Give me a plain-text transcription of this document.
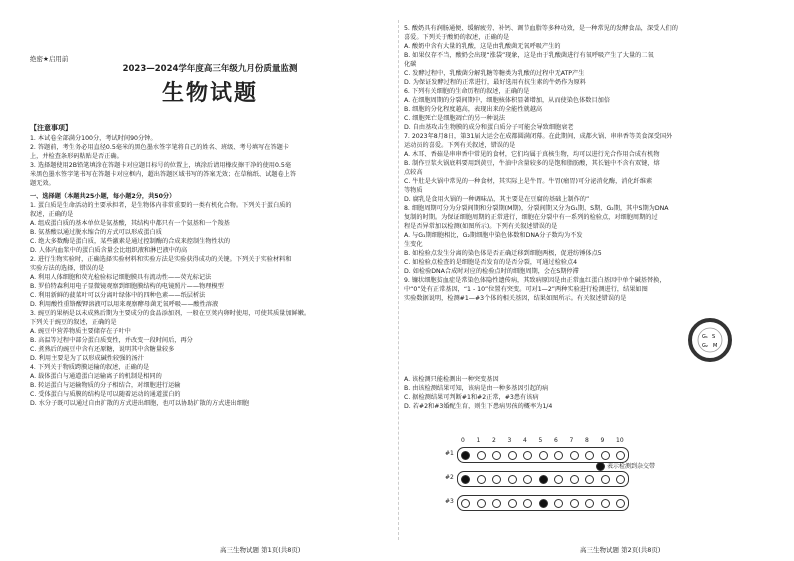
绝密★启用前
2023—2024学年度高三年级九月份质量监测
生物试题
【注意事项】
1. 本试卷全部满分100分，考试时间90分钟。
2. 答题前，考生务必用直径0.5毫米的黑色墨水签字笔将自己的姓名、班级、考号填写在答题卡
上，并检查条形码粘贴是否正确。
3. 选择题使用2B铅笔填涂在答题卡对应题目标号的位置上，填涂后请用橡皮擦干净的使用0.5毫
米黑色墨水签字笔书写在答题卡对应框内，超出答题区域书写的答案无效；在草稿纸、试题卷上答
题无效。
一、选择题（本题共25小题，每小题2分，共50分）
1. 蛋白质是生命活动的主要承担者，是生物体内非常重要的一类有机化合物。下列关于蛋白质的
叙述，正确的是
A. 组成蛋白质的基本单位是氨基酸，其结构中都只有一个氨基和一个羧基
B. 氨基酸以通过脱水缩合的方式可以形成蛋白质
C. 绝大多数酶是蛋白质，某些激素是通过控制酶的合成来控制生物性状的
D. 人体内血浆中的蛋白质含量会比组织液和淋巴液中的高
2. 进行生物实验时，正确选择实验材料和实验方法是实验获得成功的关键。下列关于实验材料和
实验方法的选择，错误的是
A. 利用人体细胞和荧光检验标记细胞膜具有流动性——荧光标记法
B. 罗伯特森利用电子显微镜观察到细胞膜结构的电镜照片——物理模型
C. 利用新鲜的菠菜叶可以分离叶绿体中的四种色素——纸层析法
D. 利用酸性重铬酸钾溶液可以用来观察酵母菌无氧呼吸——酸性溶液
3. 豌豆的果柄是以未成熟后期为主要成分的食品添加剂，一般在豆荚内卵时使用，可使其质量加鲜嫩。
下列关于豌豆的叙述，正确的是
A. 豌豆中营养物质主要储存在子叶中
B. 高温等过程中部分蛋白质变性，并改变一段时间后，再分
C. 煮熟后的豌豆中含有还原糖，说明其中含糖量较多
D. 利用主要是为了以形成碱性较强的汤汁
4. 下列关于物质跨膜运输的叙述，正确的是
A. 载体蛋白与通道蛋白运输离子的机制是相同的
B. 转运蛋白与运输物质的分子相结合，对细胞进行运输
C. 受体蛋白与质膜的结构是可以随着运动的通道蛋白的
D. 水分子既可以通过自由扩散的方式进出细胞，也可以协助扩散的方式进出细胞
5. 酸奶具有润肠通便、缓解疲劳、补钙、调节血脂等多种功效，是一种常见的发酵食品，深受人们的
喜爱。下列关于酸奶的叙述，正确的是
A. 酸奶中含有大量的乳酸，这是由乳酸菌无氧呼吸产生的
B. 如果仅存不当，酸奶会出现“涨袋”现象，这是由于乳酸菌进行有氧呼吸产生了大量的二氧
化碳
C. 发酵过程中，乳酸菌分解乳糖等糖类为乳酸的过程中无ATP产生
D. 为保证发酵过程的正常进行，最好选用有抗生素的牛奶作为原料
6. 下列有关细胞的生命历程的叙述，正确的是
A. 在细胞周期的分裂间期中，细胞核体积显著增加，从而使染色体数目加倍
B. 细胞的分化程度越高，表现出来的全能性就越高
C. 细胞死亡是细胞凋亡的另一种说法
D. 自由基攻击生物膜的成分和蛋白质分子可能会导致细胞衰老
7. 2023年8月8日，第31届大运会在成都圆满闭幕。在此期间，成都火锅、串串香等美食深受国外
运动员的喜爱。下列有关叙述，错误的是
A. 木耳、香菇是串串香中常见的食材，它们均属于真核生物，均可以进行光合作用合成有机物
B. 制作豆浆火锅底料要用到黄豆，牛油中含量较多的是饱和脂肪酸，其长链中不含有双键，熔
点较高
C. 牛肚是火锅中常见的一种食材，其实际上是牛胃。牛胃(瘤胃)可分泌消化酶，消化纤维素
等物质
D. 腐乳是食用火锅的一种调味品，其主要是在豆腐的基础上制作的”
8. 细胞周期可分为分裂间期和分裂期(M期)，分裂间期又分为G₁期、S期、G₂期，其中S期为DNA
复制的时期。为保证细胞周期的正常进行，细胞在分裂中有一系列的检验点，对细胞周期的过
程是否异常加以检测(如图所示)。下列有关叙述错误的是
A. 与G₁期细胞相比，G₂期细胞中染色体数和DNA分子数均为不发
生变化
B. 如检验点发生分离的染色体是否正确迁移到细胞两极，促进纺锤体点5
C. 如检验点检查的是细胞是否发育的是否分裂，可通过检验点4
D. 如检验DNA合成时对应的检验点时的细胞周期，会在S期停滞
9. 镰状细胞贫血症是常染色体隐性遗传病，其致病原因是由正常血红蛋白基因中单个碱基替换，
中“0”处有正常基因，“1 - 10”位置有突变。可对1—2”两种实验进行检测进行，结果如图
实验数据说明，检测#1—#3个体的相关基因，结果如图所示。有关叙述错误的是
A. 该检测只能检测出一种突变基因
B. 由该检测结果可知，该病是由一种多基因引起的病
C. 据检测结果可判断#1和#2正常，#3患有该病
D. 若#2和#3婚配生育，则生下患病男孩的概率为1/4
G₁ S
G₂ M
0 1 2 3 4 5 6 7 8 9 10
#1
#2
#3
表示检测到杂交带
高三生物试题 第1页(共8页)	高三生物试题 第2页(共8页)
